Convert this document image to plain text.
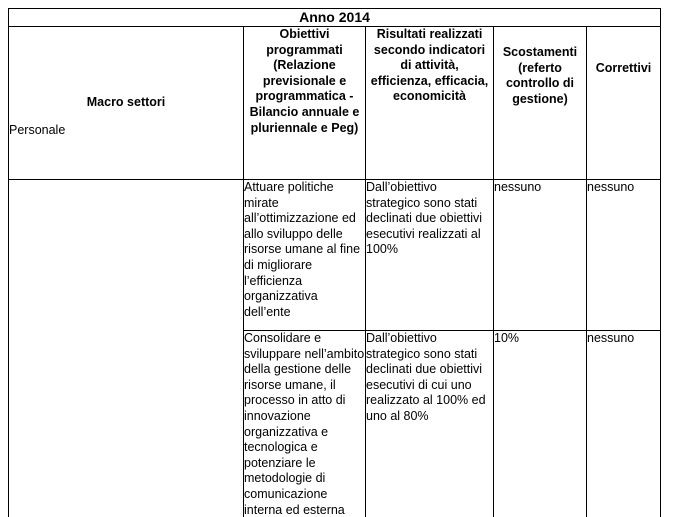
Anno 2014				

Macro settori	Obiettivi programmati (Relazione previsionale e programmatica - Bilancio annuale e pluriennale e Peg)	Risultati realizzati secondo indicatori di attività, efficienza, efficacia, economicità	Scostamenti (referto controllo di gestione)	Correttivi

Personale	Attuare politiche mirate all’ottimizzazione ed allo sviluppo delle risorse umane al fine di migliorare l’efficienza organizzativa dell’ente	Dall’obiettivo strategico sono stati declinati due obiettivi esecutivi realizzati al 100%	nessuno	nessuno
	Consolidare e sviluppare nell’ambito della gestione delle risorse umane, il processo in atto di innovazione organizzativa e tecnologica e potenziare le metodologie di comunicazione interna ed esterna	Dall’obiettivo strategico sono stati declinati due obiettivi esecutivi di cui uno realizzato al 100% ed uno al 80%	10%	nessuno
